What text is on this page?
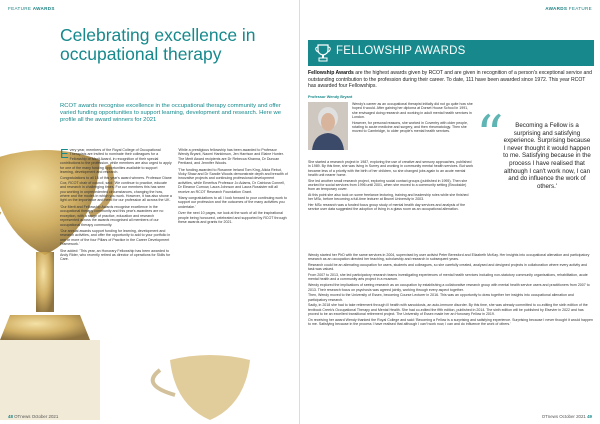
FEATURE AWARDS
Celebrating excellence in occupational therapy

RCOT awards recognise excellence in the occupational therapy community and offer varied funding opportunities to support learning, development and research. Here we profile all the award winners for 2021

Every year, members of the Royal College of Occupational Therapists are invited to nominate their colleagues for a Fellowship or Merit Award, in recognition of their special contributions to the profession, while members are also urged to apply for one of the many funding opportunities available to support learning, development and research.

Congratulations to all 16 of this year's award winners. Professor Diane Cox, RCOT chair of council, said: 'We continue to practice, educate and research in challenging times. For our members this has seen you working in unprecedented circumstances, changing the how, where and the modes in which you work. However, it has also shone a light on the importance and need for our profession all across the UK.

'Our Merit and Fellowship Awards recognise excellence in the occupational therapy community and this year's awardees are no exception, with a range of practice, education and research represented across the awards recognised all members of our occupational therapy community.

'Our annual awards support funding for learning, development and research activities, and offer the opportunity to add to your portfolio in one or more of the four Pillars of Practice in the Career Development Framework.'

She added: 'This year, an Honorary Fellowship has been awarded to Andy Rider, who recently retired as director of operations for Skills for Care.

'While a prestigious fellowship has been awarded to Professor Wendy Bryant, Naomi Hankinson, Jen Harrison and Elaine Hunter. The Merit Award recipients are Dr Rebecca Khanna, Dr Duncan Pentland, and Jennifer Woods.

'The funding awarded to Rosanne Ireland Tom King, Alicia Rebut, Vicky Shaw and Dr Sandie Woods demonstrate depth and breadth of innovative projects and continuing professional development activities, while Emeritus Professor Jo Adams, Dr Catriona Connell, Dr Eleanor Curnow, Laura Johnson and Laura Rossister will all receive an RCOT Research Foundation Grant.

'Many congratulations to all. I look forward to your continuing work to support our profession and the outcomes of the many activities you undertake.'

Over the next 10 pages, we look at the work of all the inspirational people being honoured, celebrated and supported by RCOT through these awards and grants for 2021.

48 OTnews October 2021
AWARDS FEATURE
FELLOWSHIP AWARDS

Fellowship Awards are the highest awards given by RCOT and are given in recognition of a person's exceptional service and outstanding contribution to the profession during their career. To date, 111 have been awarded since 1972. This year RCOT has awarded four Fellowships.

Professor Wendy Bryant

Wendy's career as an occupational therapist initially did not go quite how she hoped it would. After gaining her diploma at Dorset House School in 1991, she envisaged doing research and working in adult mental health services in London.

However, for personal reasons, she worked in Coventry with older people, rotating to acute medicine and surgery, and then rheumatology. Then she moved to Cambridge, to older people's mental health services.

She started a research project in 1987, exploring the use of creative and sensory approaches, published in 1989. By this time, she was living in Surrey and working in community mental health services. But work became less of a priority with the birth of her children, so she changed jobs again to an acute mental health unit nearer home.

She led another small research project, exploring social contact groups (published in 1995). Then she worked for social services from 1996 until 2001, when she moved to a community setting (Brookside) from an temporary cover.

At this point she also took on some freelance lecturing, training and leadership roles while she finished her MSc, before becoming a full-time lecturer at Brunel University in 2003.

Her MSc research was a funded focus group study of mental health day services and analysis of the service user data suggested the adoption of living in a glass room as an occupational alienation.

“	Becoming a Fellow is a surprising and satisfying experience. Surprising because I never thought it would happen to me. Satisfying because in the process I have realised that although I can't work now, I can and do influence the work of others.'

Wendy started her PhD with the same services in 2004, supervised by user activist Peter Beresford and Elizabeth McKay. Her insights into occupational alienation and participatory research as an occupation directed her teaching, scholarship and research in subsequent years.

Research could be an alienating occupation for users, students and colleagues, so she carefully created, analysed and designed projects in collaboration where every activity and task was valued.

From 2007 to 2013, she led participatory research teams investigating experiences of mental health services including non-statutory community organisations, rehabilitation, acute mental health and a community arts project in a museum.

Wendy explored the implications of seeing research as an occupation by establishing a collaborative research group with mental health service users and practitioners from 2007 to 2013. Their research focus on psychosis was agreed jointly, working through every aspect together.

Then, Wendy moved to the University of Essex, becoming Course Lecturer in 2016. This was an opportunity to draw together her insights into occupational alienation and participatory research.

Sadly, in 2018 she had to take retirement through ill health with sarcoidosis, an auto-immune disorder. By this time, she was already committed to co-editing the sixth edition of the textbook Creek's Occupational Therapy and Mental Health. She had co-edited the fifth edition, published in 2014. The sixth edition will be published by Elsevier in 2022 and has proved to be an excellent transitional retirement project. The University of Essex made her an Honorary Fellow in 2019.

On receiving her award Wendy thanked the Royal College and said: 'Becoming a Fellow is a surprising and satisfying experience. Surprising because I never thought it would happen to me. Satisfying because in the process I have realised that although I can't work now, I can and do influence the work of others.'

OTnews October 2021 49
